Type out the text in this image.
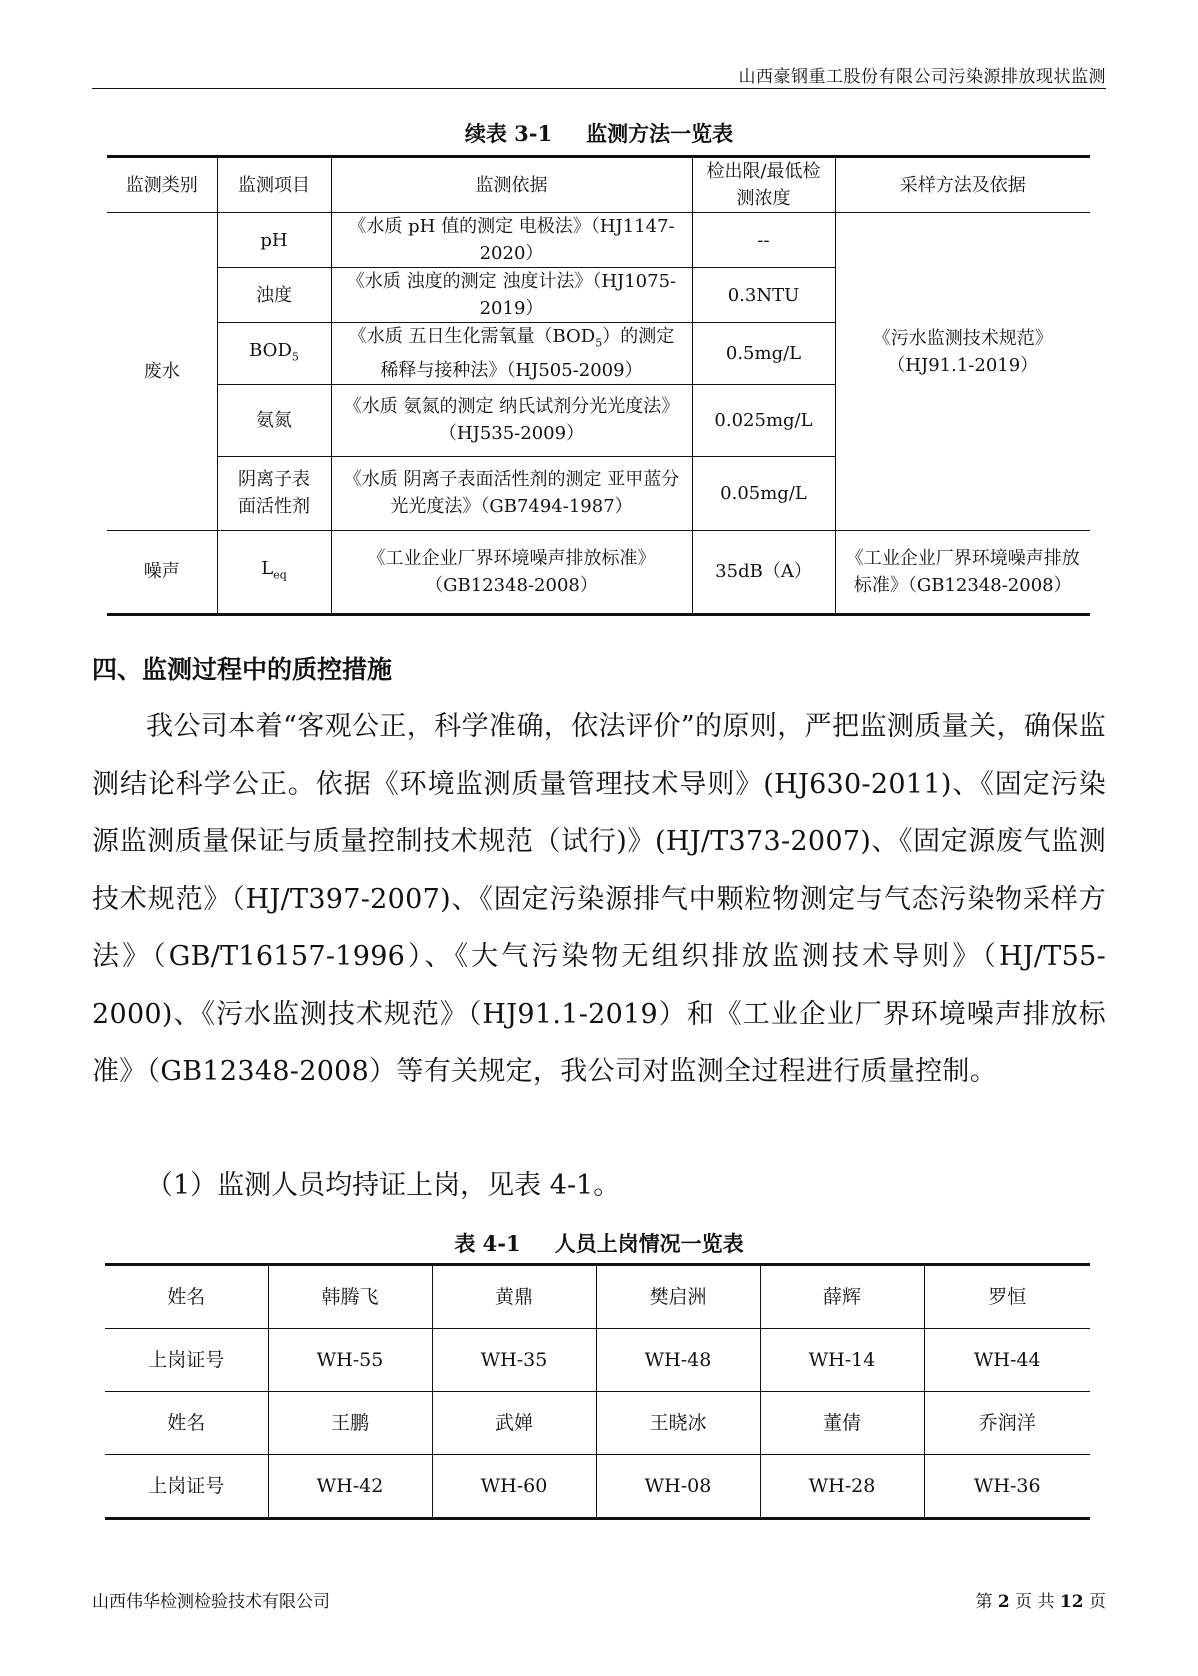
山西豪钢重工股份有限公司污染源排放现状监测
续表 3-1 监测方法一览表
监测类别	监测项目	监测依据	检出限/最低检测浓度	采样方法及依据
废水	pH	《水质 pH 值的测定 电极法》（HJ1147-2020）	--	《污水监测技术规范》（HJ91.1-2019）
	浊度	《水质 浊度的测定 浊度计法》（HJ1075-2019）	0.3NTU	
	$BOD_5$	《水质 五日生化需氧量$(BOD_5)$的测定 稀释与接种法》（HJ505-2009）	0.5mg/L	
	氨氮	《水质 氨氮的测定 纳氏试剂分光光度法》（HJ535-2009）	0.025mg/L	
	阴离子表面活性剂	《水质 阴离子表面活性剂的测定 亚甲蓝分光光度法》（GB7494-1987）	0.05mg/L	
噪声	$L_{eq}$	《工业企业厂界环境噪声排放标准》（GB12348-2008）	35dB（A）	《工业企业厂界环境噪声排放标准》（GB12348-2008）
四、监测过程中的质控措施
我公司本着“客观公正，科学准确，依法评价”的原则，严把监测质量关，确保监测结论科学公正。依据《环境监测质量管理技术导则》(HJ630-2011)、《固定污染源监测质量保证与质量控制技术规范（试行)》(HJ/T373-2007)、《固定源废气监测技术规范》（HJ/T397-2007)、《固定污染源排气中颗粒物测定与气态污染物采样方法》（GB/T16157-1996）、《大气污染物无组织排放监测技术导则》（HJ/T55-2000)、《污水监测技术规范》（HJ91.1-2019）和《工业企业厂界环境噪声排放标准》（GB12348-2008）等有关规定，我公司对监测全过程进行质量控制。
（1）监测人员均持证上岗，见表 4-1。
表 4-1 人员上岗情况一览表
姓名	韩腾飞	黄鼎	樊启洲	薛辉	罗恒
上岗证号	WH-55	WH-35	WH-48	WH-14	WH-44
姓名	王鹏	武婵	王晓冰	董倩	乔润洋
上岗证号	WH-42	WH-60	WH-08	WH-28	WH-36
山西伟华检测检验技术有限公司	第 2 页 共 12 页
